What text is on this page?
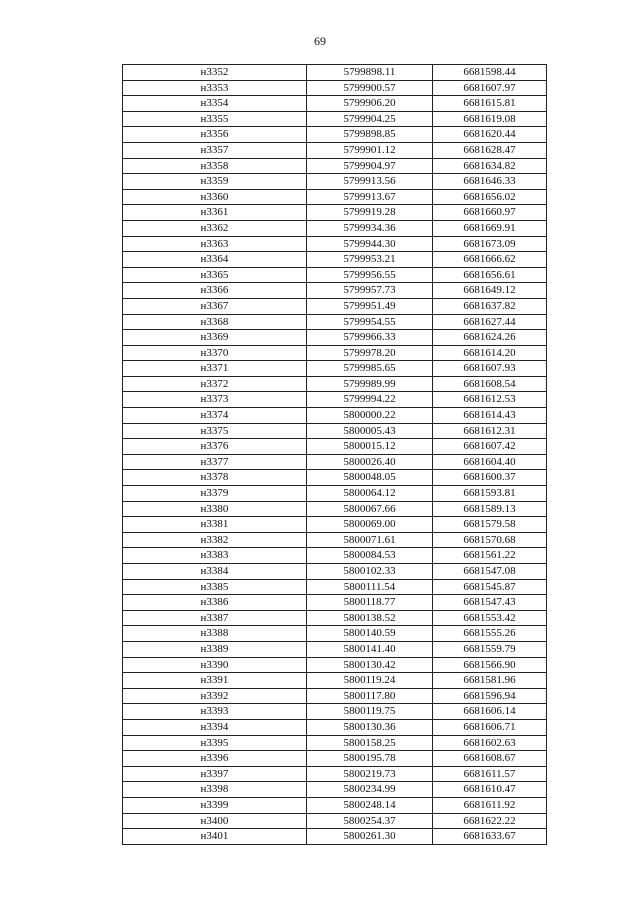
69
н3352	5799898.11	6681598.44
н3353	5799900.57	6681607.97
н3354	5799906.20	6681615.81
н3355	5799904.25	6681619.08
н3356	5799898.85	6681620.44
н3357	5799901.12	6681628.47
н3358	5799904.97	6681634.82
н3359	5799913.56	6681646.33
н3360	5799913.67	6681656.02
н3361	5799919.28	6681660.97
н3362	5799934.36	6681669.91
н3363	5799944.30	6681673.09
н3364	5799953.21	6681666.62
н3365	5799956.55	6681656.61
н3366	5799957.73	6681649.12
н3367	5799951.49	6681637.82
н3368	5799954.55	6681627.44
н3369	5799966.33	6681624.26
н3370	5799978.20	6681614.20
н3371	5799985.65	6681607.93
н3372	5799989.99	6681608.54
н3373	5799994.22	6681612.53
н3374	5800000.22	6681614.43
н3375	5800005.43	6681612.31
н3376	5800015.12	6681607.42
н3377	5800026.40	6681604.40
н3378	5800048.05	6681600.37
н3379	5800064.12	6681593.81
н3380	5800067.66	6681589.13
н3381	5800069.00	6681579.58
н3382	5800071.61	6681570.68
н3383	5800084.53	6681561.22
н3384	5800102.33	6681547.08
н3385	5800111.54	6681545.87
н3386	5800118.77	6681547.43
н3387	5800138.52	6681553.42
н3388	5800140.59	6681555.26
н3389	5800141.40	6681559.79
н3390	5800130.42	6681566.90
н3391	5800119.24	6681581.96
н3392	5800117.80	6681596.94
н3393	5800119.75	6681606.14
н3394	5800130.36	6681606.71
н3395	5800158.25	6681602.63
н3396	5800195.78	6681608.67
н3397	5800219.73	6681611.57
н3398	5800234.99	6681610.47
н3399	5800248.14	6681611.92
н3400	5800254.37	6681622.22
н3401	5800261.30	6681633.67
